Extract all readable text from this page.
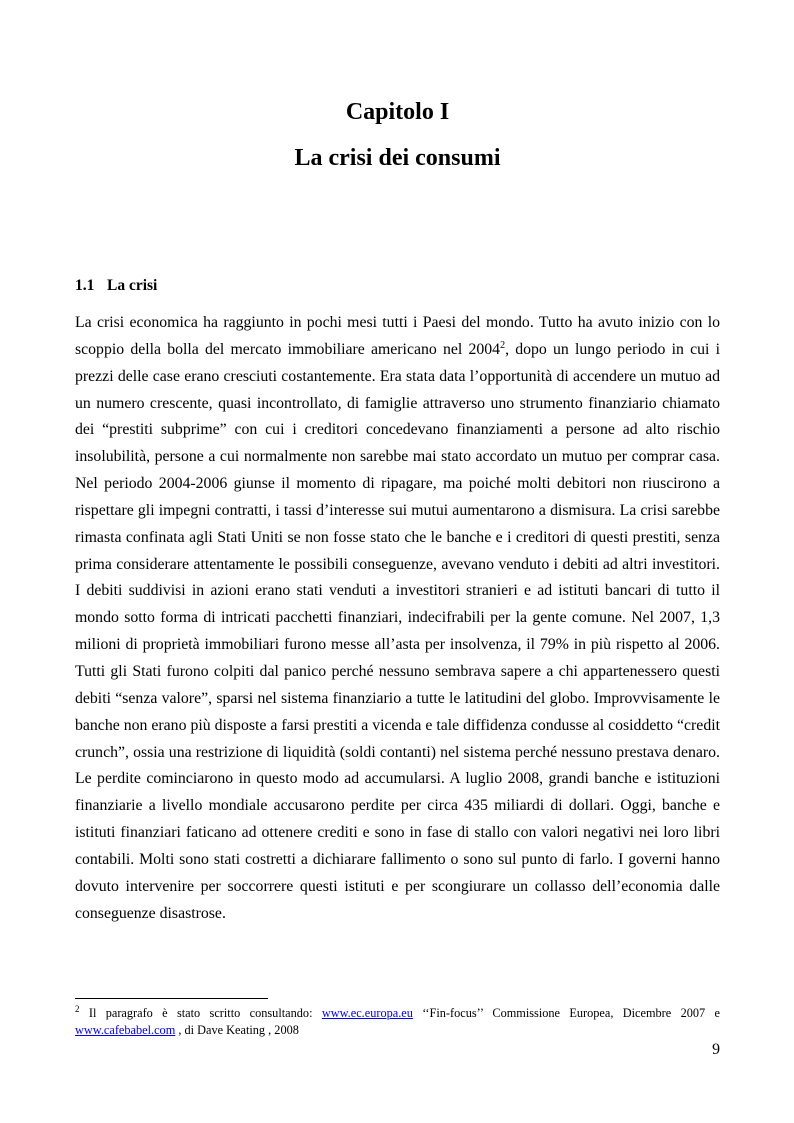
Capitolo I
La crisi dei consumi
1.1 La crisi

La crisi economica ha raggiunto in pochi mesi tutti i Paesi del mondo. Tutto ha avuto inizio con lo scoppio della bolla del mercato immobiliare americano nel 2004$^2$, dopo un lungo periodo in cui i prezzi delle case erano cresciuti costantemente. Era stata data l’opportunità di accendere un mutuo ad un numero crescente, quasi incontrollato, di famiglie attraverso uno strumento finanziario chiamato dei “prestiti subprime” con cui i creditori concedevano finanziamenti a persone ad alto rischio insolubilità, persone a cui normalmente non sarebbe mai stato accordato un mutuo per comprar casa. Nel periodo 2004-2006 giunse il momento di ripagare, ma poiché molti debitori non riuscirono a rispettare gli impegni contratti, i tassi d’interesse sui mutui aumentarono a dismisura. La crisi sarebbe rimasta confinata agli Stati Uniti se non fosse stato che le banche e i creditori di questi prestiti, senza prima considerare attentamente le possibili conseguenze, avevano venduto i debiti ad altri investitori. I debiti suddivisi in azioni erano stati venduti a investitori stranieri e ad istituti bancari di tutto il mondo sotto forma di intricati pacchetti finanziari, indecifrabili per la gente comune. Nel 2007, 1,3 milioni di proprietà immobiliari furono messe all’asta per insolvenza, il 79% in più rispetto al 2006. Tutti gli Stati furono colpiti dal panico perché nessuno sembrava sapere a chi appartenessero questi debiti “senza valore”, sparsi nel sistema finanziario a tutte le latitudini del globo. Improvvisamente le banche non erano più disposte a farsi prestiti a vicenda e tale diffidenza condusse al cosiddetto “credit crunch”, ossia una restrizione di liquidità (soldi contanti) nel sistema perché nessuno prestava denaro. Le perdite cominciarono in questo modo ad accumularsi. A luglio 2008, grandi banche e istituzioni finanziarie a livello mondiale accusarono perdite per circa 435 miliardi di dollari. Oggi, banche e istituti finanziari faticano ad ottenere crediti e sono in fase di stallo con valori negativi nei loro libri contabili. Molti sono stati costretti a dichiarare fallimento o sono sul punto di farlo. I governi hanno dovuto intervenire per soccorrere questi istituti e per scongiurare un collasso dell’economia dalle conseguenze disastrose.

$^2$ Il paragrafo è stato scritto consultando: www.ec.europa.eu ‘‘Fin-focus’’ Commissione Europea, Dicembre 2007 e www.cafebabel.com , di Dave Keating , 2008

9
